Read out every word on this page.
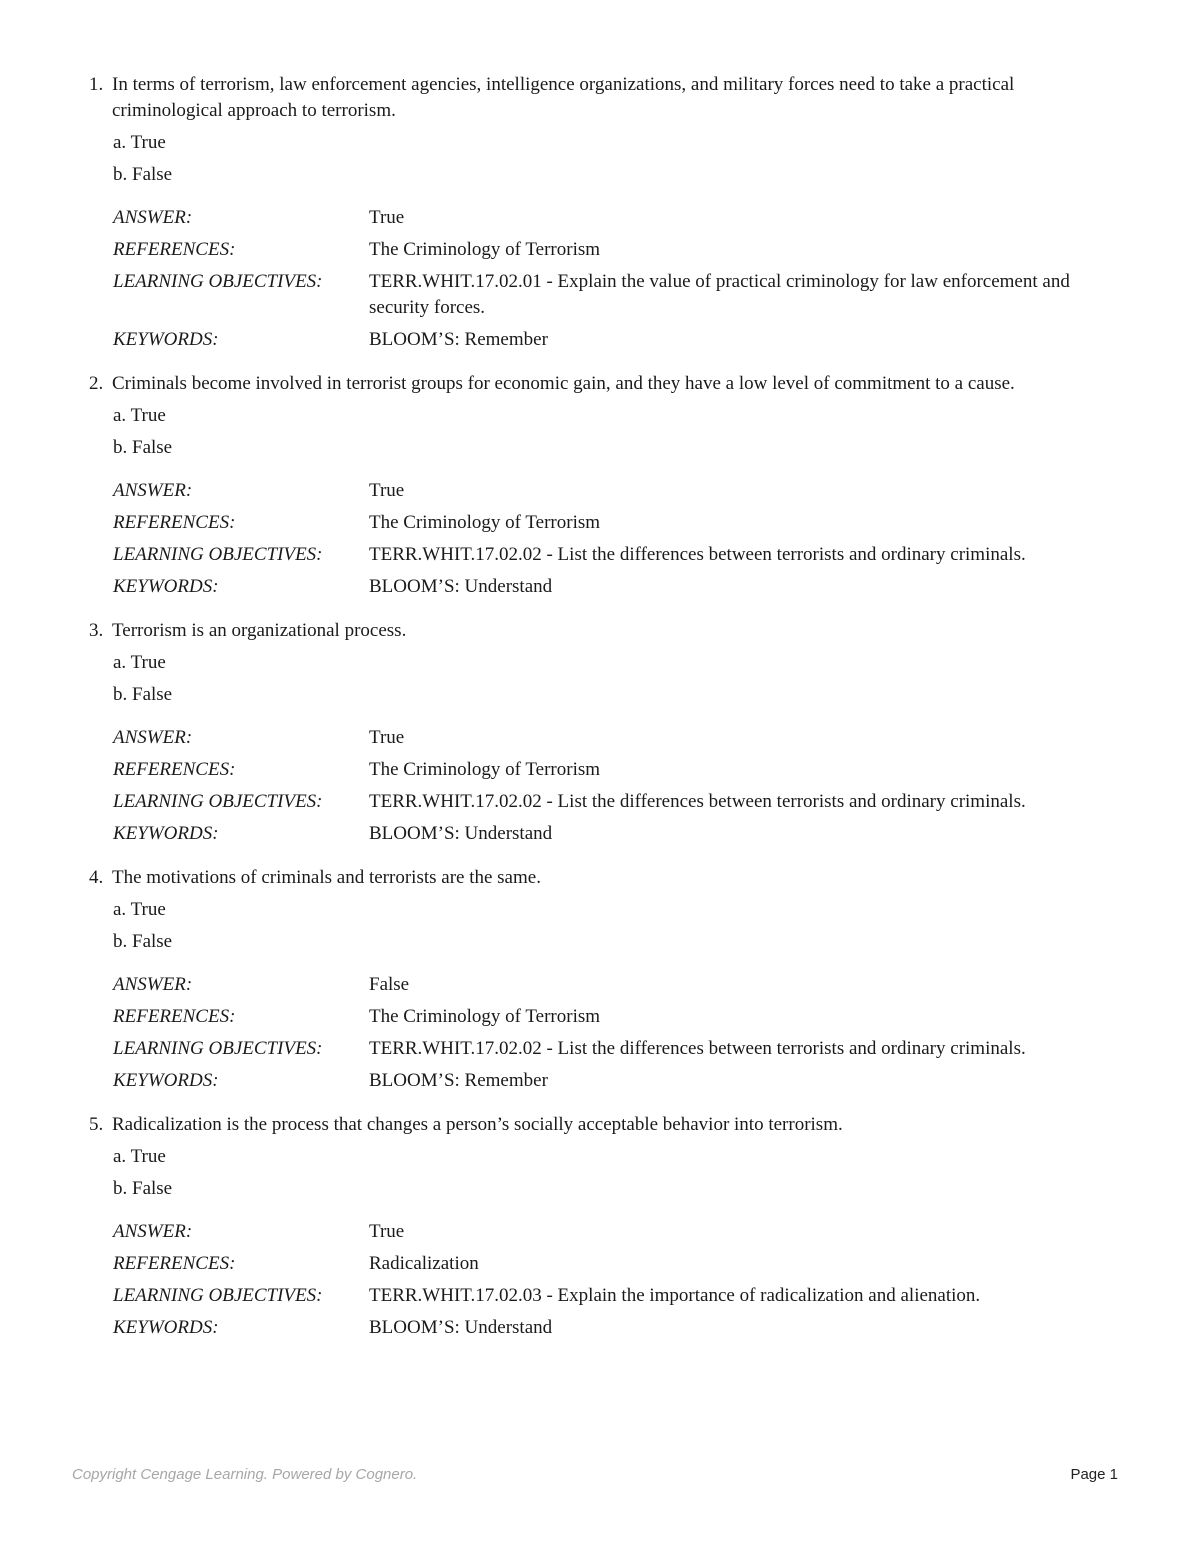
1. In terms of terrorism, law enforcement agencies, intelligence organizations, and military forces need to take a practical criminological approach to terrorism.
a. True
b. False
ANSWER:	True
REFERENCES:	The Criminology of Terrorism
LEARNING OBJECTIVES:	TERR.WHIT.17.02.01 - Explain the value of practical criminology for law enforcement and security forces.
KEYWORDS:	BLOOM’S: Remember
2. Criminals become involved in terrorist groups for economic gain, and they have a low level of commitment to a cause.
a. True
b. False
ANSWER:	True
REFERENCES:	The Criminology of Terrorism
LEARNING OBJECTIVES:	TERR.WHIT.17.02.02 - List the differences between terrorists and ordinary criminals.
KEYWORDS:	BLOOM’S: Understand
3. Terrorism is an organizational process.
a. True
b. False
ANSWER:	True
REFERENCES:	The Criminology of Terrorism
LEARNING OBJECTIVES:	TERR.WHIT.17.02.02 - List the differences between terrorists and ordinary criminals.
KEYWORDS:	BLOOM’S: Understand
4. The motivations of criminals and terrorists are the same.
a. True
b. False
ANSWER:	False
REFERENCES:	The Criminology of Terrorism
LEARNING OBJECTIVES:	TERR.WHIT.17.02.02 - List the differences between terrorists and ordinary criminals.
KEYWORDS:	BLOOM’S: Remember
5. Radicalization is the process that changes a person’s socially acceptable behavior into terrorism.
a. True
b. False
ANSWER:	True
REFERENCES:	Radicalization
LEARNING OBJECTIVES:	TERR.WHIT.17.02.03 - Explain the importance of radicalization and alienation.
KEYWORDS:	BLOOM’S: Understand
Copyright Cengage Learning. Powered by Cognero.	Page 1
